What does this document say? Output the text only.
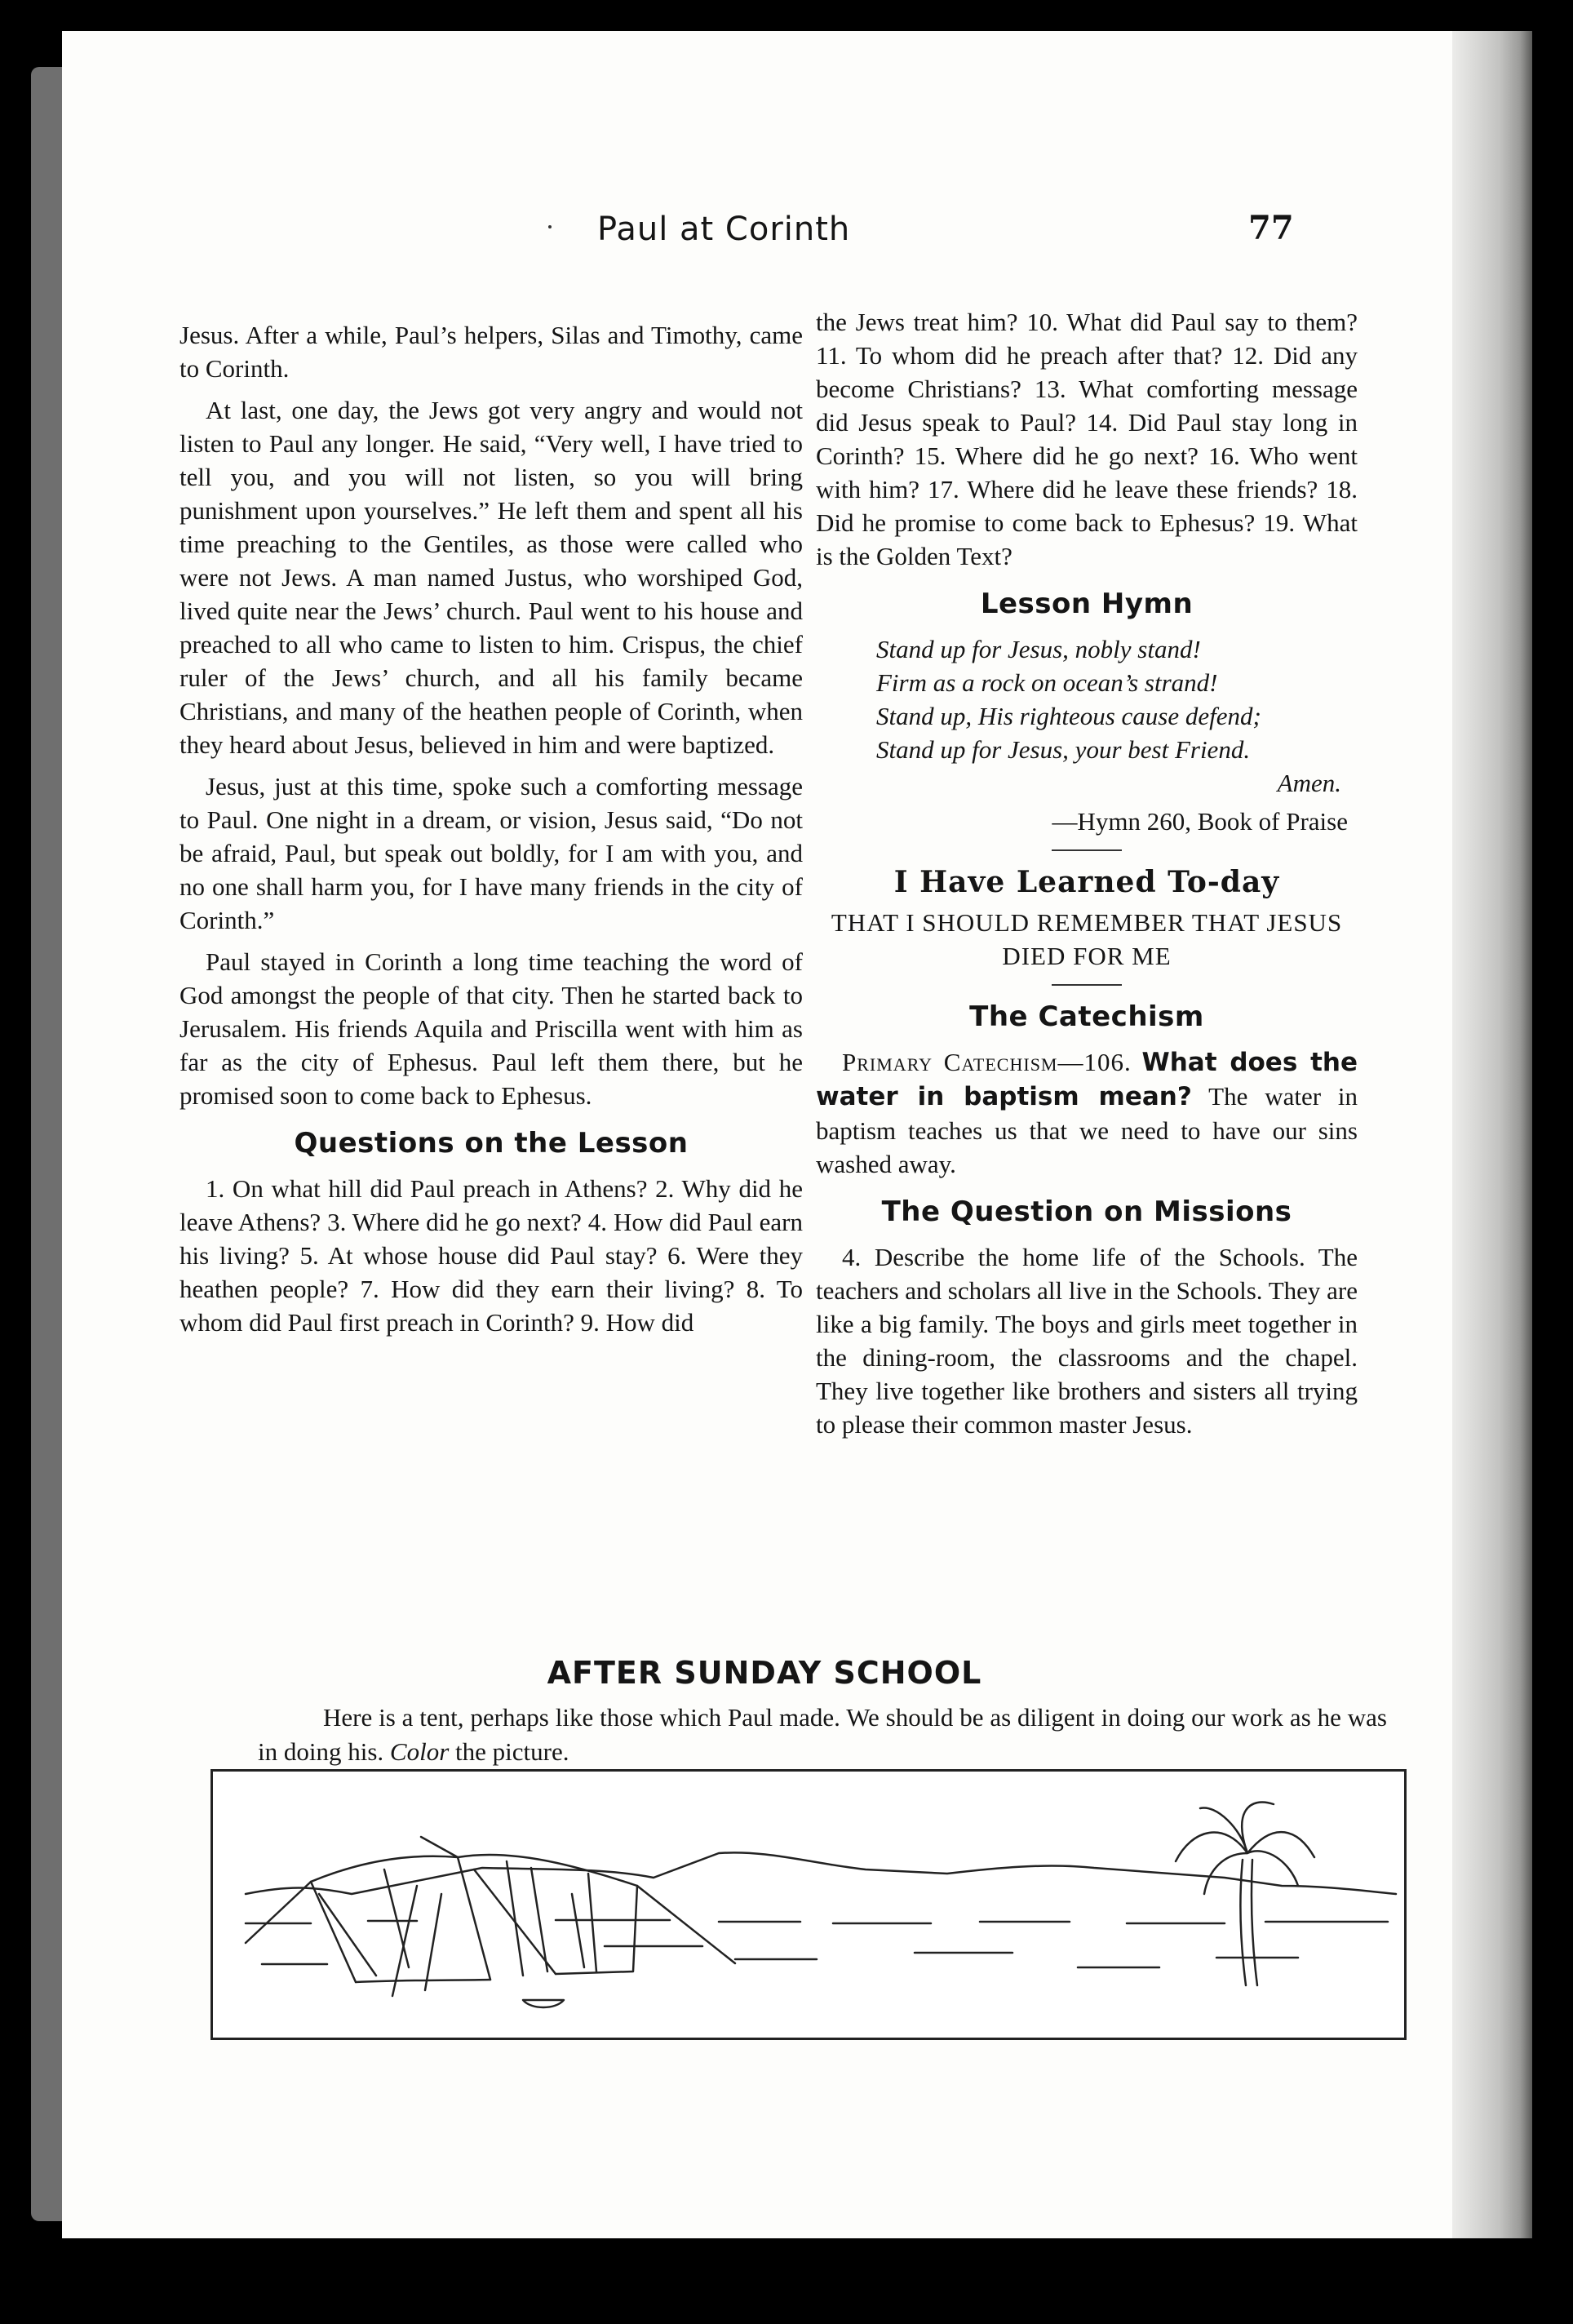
Paul at Corinth	77

Jesus. After a while, Paul’s helpers, Silas and Timothy, came to Corinth.

At last, one day, the Jews got very angry and would not listen to Paul any longer. He said, “Very well, I have tried to tell you, and you will not listen, so you will bring punishment upon yourselves.” He left them and spent all his time preaching to the Gentiles, as those were called who were not Jews. A man named Justus, who worshiped God, lived quite near the Jews’ church. Paul went to his house and preached to all who came to listen to him. Crispus, the chief ruler of the Jews’ church, and all his family became Christians, and many of the heathen people of Corinth, when they heard about Jesus, believed in him and were baptized.

Jesus, just at this time, spoke such a comforting message to Paul. One night in a dream, or vision, Jesus said, “Do not be afraid, Paul, but speak out boldly, for I am with you, and no one shall harm you, for I have many friends in the city of Corinth.”

Paul stayed in Corinth a long time teaching the word of God amongst the people of that city. Then he started back to Jerusalem. His friends Aquila and Priscilla went with him as far as the city of Ephesus. Paul left them there, but he promised soon to come back to Ephesus.

Questions on the Lesson

1. On what hill did Paul preach in Athens? 2. Why did he leave Athens? 3. Where did he go next? 4. How did Paul earn his living? 5. At whose house did Paul stay? 6. Were they heathen people? 7. How did they earn their living? 8. To whom did Paul first preach in Corinth? 9. How did

the Jews treat him? 10. What did Paul say to them? 11. To whom did he preach after that? 12. Did any become Christians? 13. What comforting message did Jesus speak to Paul? 14. Did Paul stay long in Corinth? 15. Where did he go next? 16. Who went with him? 17. Where did he leave these friends? 18. Did he promise to come back to Ephesus? 19. What is the Golden Text?

Lesson Hymn
Stand up for Jesus, nobly stand!
Firm as a rock on ocean’s strand!
Stand up, His righteous cause defend;
Stand up for Jesus, your best Friend.
Amen.
—Hymn 260, Book of Praise
I Have Learned To-day
THAT I SHOULD REMEMBER THAT JESUS DIED FOR ME
The Catechism

Primary Catechism—106. What does the water in baptism mean? The water in baptism teaches us that we need to have our sins washed away.

The Question on Missions

4. Describe the home life of the Schools. The teachers and scholars all live in the Schools. They are like a big family. The boys and girls meet together in the dining-room, the classrooms and the chapel. They live together like brothers and sisters all trying to please their common master Jesus.

AFTER SUNDAY SCHOOL
Here is a tent, perhaps like those which Paul made. We should be as diligent in doing our work as he was in doing his. Color the picture.
